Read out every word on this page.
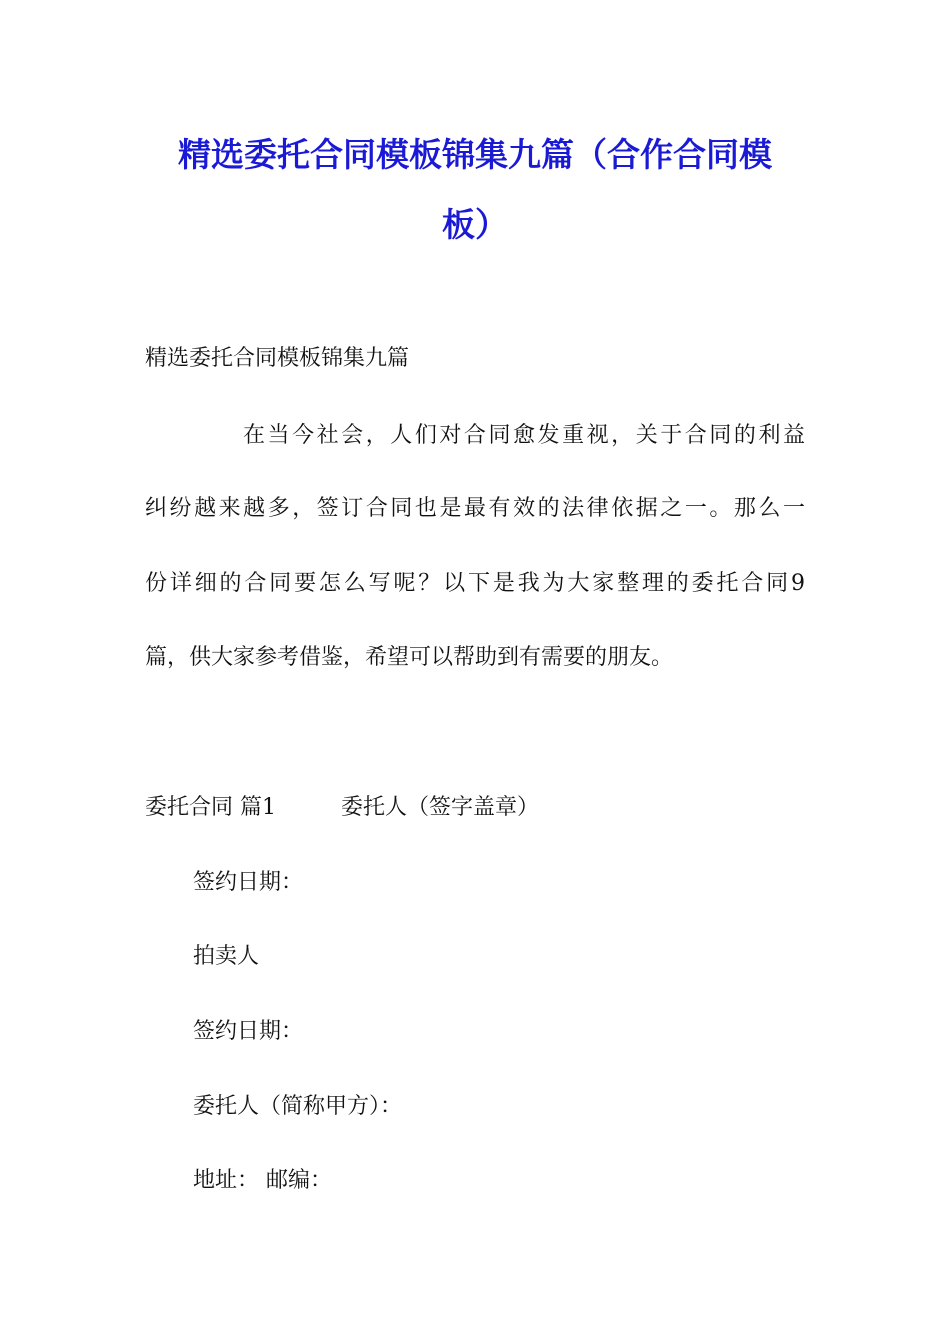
精选委托合同模板锦集九篇（合作合同模
板）
精选委托合同模板锦集九篇
在当今社会，人们对合同愈发重视，关于合同的利益
纠纷越来越多，签订合同也是最有效的法律依据之一。那么一
份详细的合同要怎么写呢？以下是我为大家整理的委托合同9
篇，供大家参考借鉴，希望可以帮助到有需要的朋友。
委托合同 篇1	委托人（签字盖章）
签约日期：
拍卖人
签约日期：
委托人（简称甲方）：
地址： 邮编：
